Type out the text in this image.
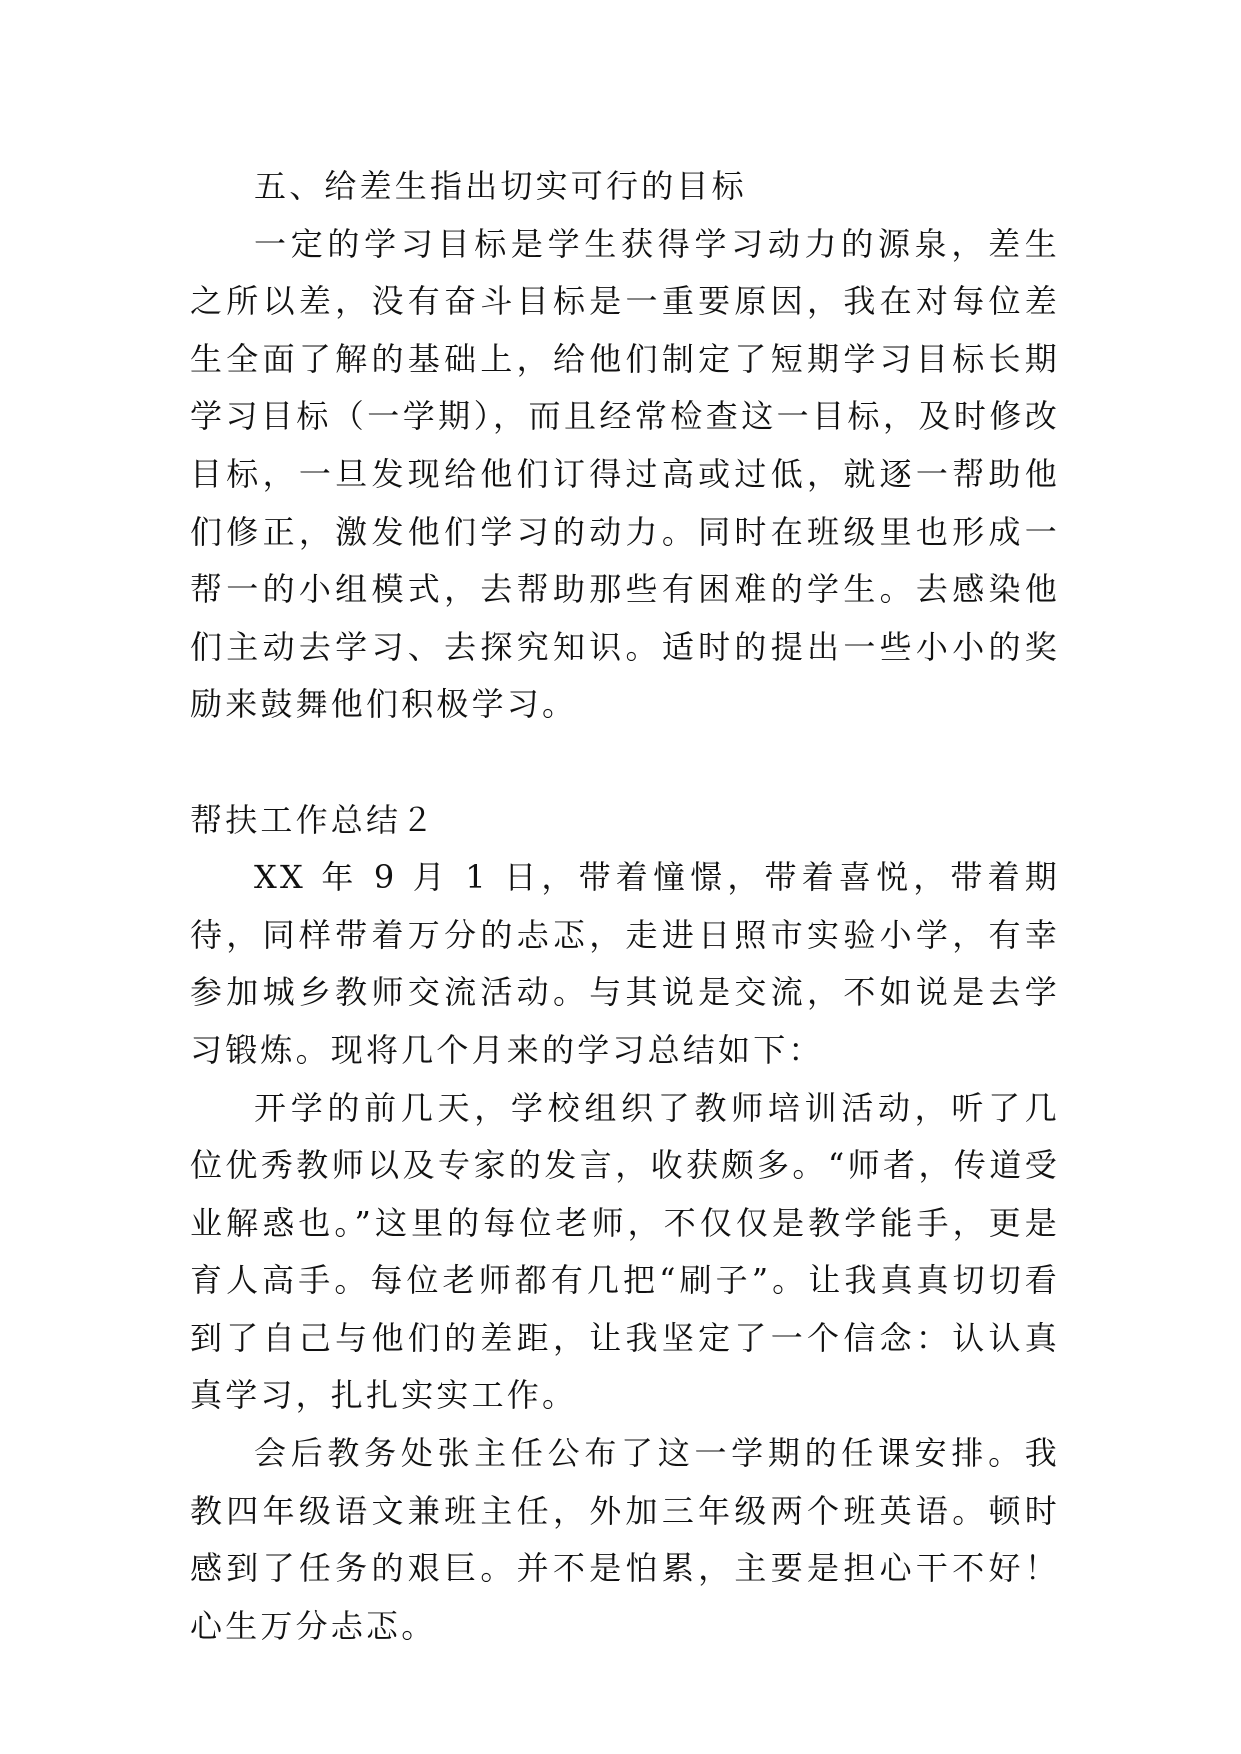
五、给差生指出切实可行的目标

一定的学习目标是学生获得学习动力的源泉，差生之所以差，没有奋斗目标是一重要原因，我在对每位差生全面了解的基础上，给他们制定了短期学习目标长期学习目标（一学期），而且经常检查这一目标，及时修改目标，一旦发现给他们订得过高或过低，就逐一帮助他们修正，激发他们学习的动力。同时在班级里也形成一帮一的小组模式，去帮助那些有困难的学生。去感染他们主动去学习、去探究知识。适时的提出一些小小的奖励来鼓舞他们积极学习。

帮扶工作总结２

XX 年 9 月 1 日，带着憧憬，带着喜悦，带着期待，同样带着万分的忐忑，走进日照市实验小学，有幸参加城乡教师交流活动。与其说是交流，不如说是去学习锻炼。现将几个月来的学习总结如下：

开学的前几天，学校组织了教师培训活动，听了几位优秀教师以及专家的发言，收获颇多。“师者，传道受业解惑也。”这里的每位老师，不仅仅是教学能手，更是育人高手。每位老师都有几把“刷子”。让我真真切切看到了自己与他们的差距，让我坚定了一个信念：认认真真学习，扎扎实实工作。

会后教务处张主任公布了这一学期的任课安排。我教四年级语文兼班主任，外加三年级两个班英语。顿时感到了任务的艰巨。并不是怕累，主要是担心干不好！心生万分忐忑。
